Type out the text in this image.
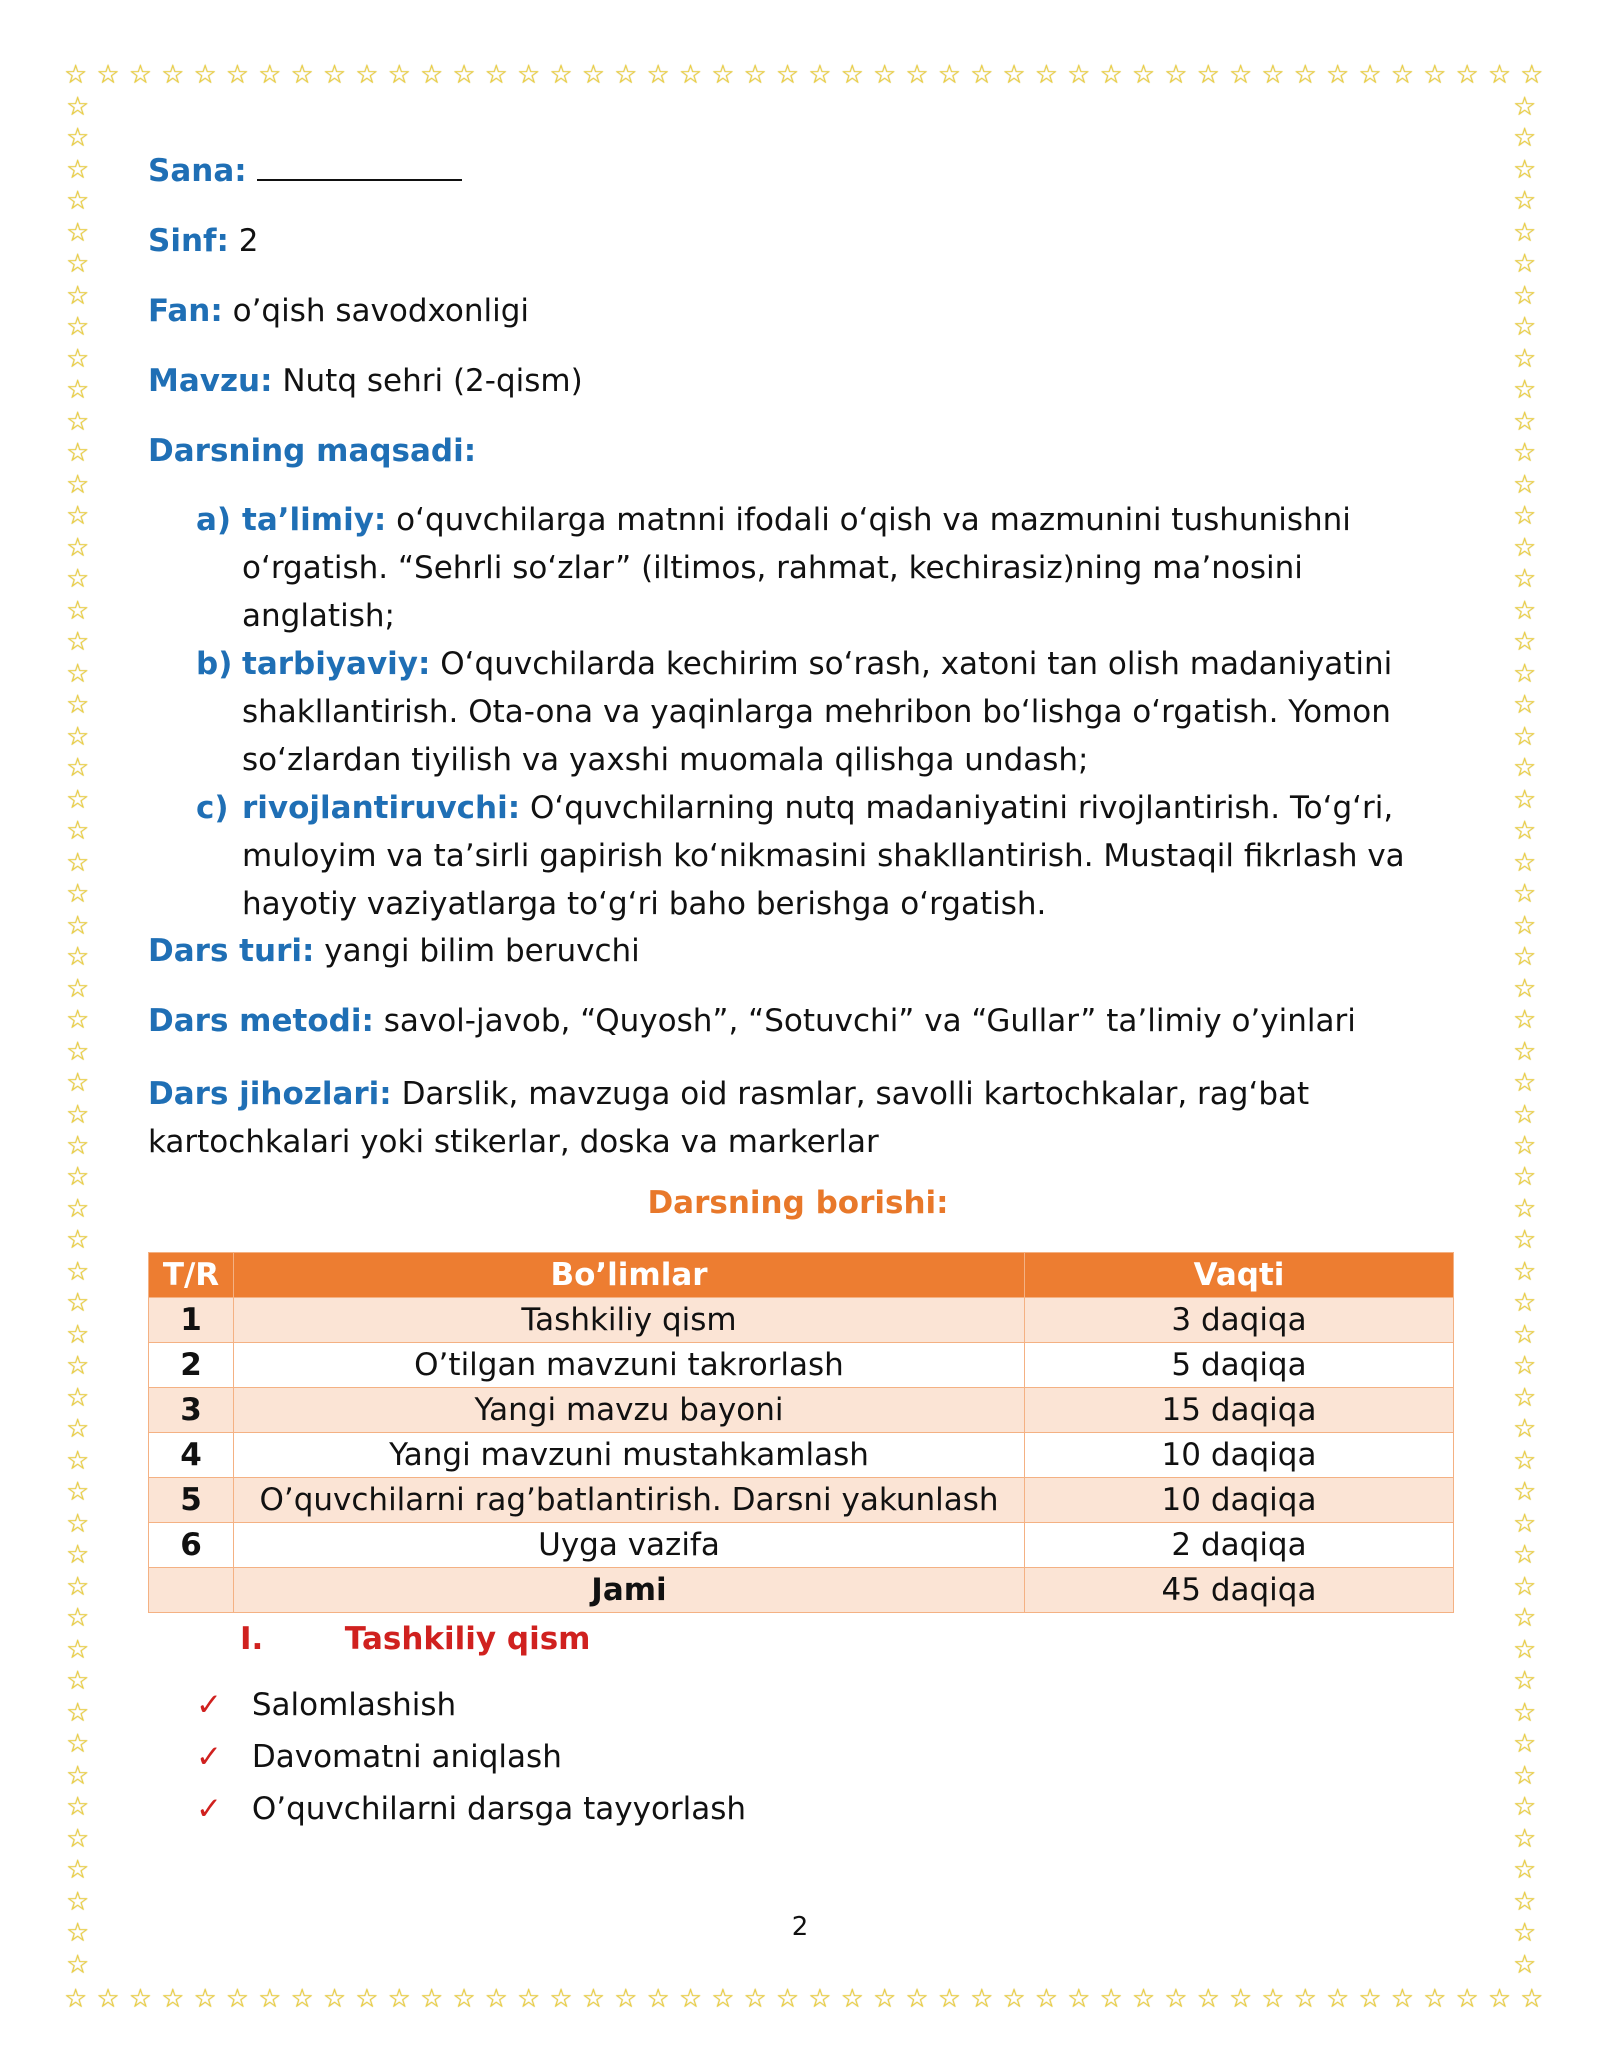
☆ ☆ ☆ ☆ ☆ ☆ ☆ ☆ ☆ ☆ ☆ ☆ ☆ ☆ ☆ ☆ ☆ ☆ ☆ ☆ ☆ ☆ ☆ ☆ ☆ ☆ ☆ ☆ ☆ ☆ ☆ ☆ ☆ ☆ ☆ ☆ ☆ ☆ ☆ ☆ ☆ ☆ ☆ ☆ ☆ ☆
☆ ☆ ☆ ☆ ☆ ☆ ☆ ☆ ☆ ☆ ☆ ☆ ☆ ☆ ☆ ☆ ☆ ☆ ☆ ☆ ☆ ☆ ☆ ☆ ☆ ☆ ☆ ☆ ☆ ☆ ☆ ☆ ☆ ☆ ☆ ☆ ☆ ☆ ☆ ☆ ☆ ☆ ☆ ☆ ☆ ☆
☆
☆
☆
☆
☆
☆
☆
☆
☆
☆
☆
☆
☆
☆
☆
☆
☆
☆
☆
☆
☆
☆
☆
☆
☆
☆
☆
☆
☆
☆
☆
☆
☆
☆
☆
☆
☆
☆
☆
☆
☆
☆
☆
☆
☆
☆
☆
☆
☆
☆
☆
☆
☆
☆
☆
☆
☆
☆
☆
☆
☆
☆
☆
☆
☆
☆
☆
☆
☆
☆
☆
☆
☆
☆
☆
☆
☆
☆
☆
☆
☆
☆
☆
☆
☆
☆
☆
☆
☆
☆
☆
☆
☆
☆
☆
☆
☆
☆
☆
☆
☆
☆
☆
☆
☆
☆
☆
☆
☆
☆
☆
☆
☆
☆
☆
☆
☆
☆
☆
☆

Sana:

Sinf: 2

Fan: o’qish savodxonligi

Mavzu: Nutq sehri (2-qism)

Darsning maqsadi:

a) ta’limiy: o‘quvchilarga matnni ifodali o‘qish va mazmunini tushunishni o‘rgatish. “Sehrli so‘zlar” (iltimos, rahmat, kechirasiz)ning ma’nosini anglatish;
b) tarbiyaviy: O‘quvchilarda kechirim so‘rash, xatoni tan olish madaniyatini shakllantirish. Ota-ona va yaqinlarga mehribon bo‘lishga o‘rgatish. Yomon so‘zlardan tiyilish va yaxshi muomala qilishga undash;
c) rivojlantiruvchi: O‘quvchilarning nutq madaniyatini rivojlantirish. To‘g‘ri, muloyim va ta’sirli gapirish ko‘nikmasini shakllantirish. Mustaqil fikrlash va hayotiy vaziyatlarga to‘g‘ri baho berishga o‘rgatish.

Dars turi: yangi bilim beruvchi

Dars metodi: savol-javob, “Quyosh”, “Sotuvchi” va “Gullar” ta’limiy o’yinlari

Dars jihozlari: Darslik, mavzuga oid rasmlar, savolli kartochkalar, rag‘bat kartochkalari yoki stikerlar, doska va markerlar

Darsning borishi:

T/R	Bo’limlar	Vaqti
1	Tashkiliy qism	3 daqiqa
2	O’tilgan mavzuni takrorlash	5 daqiqa
3	Yangi mavzu bayoni	15 daqiqa
4	Yangi mavzuni mustahkamlash	10 daqiqa
5	O’quvchilarni rag’batlantirish. Darsni yakunlash	10 daqiqa
6	Uyga vazifa	2 daqiqa
	Jami	45 daqiqa

I.	Tashkiliy qism

✓ Salomlashish
✓ Davomatni aniqlash
✓ O’quvchilarni darsga tayyorlash
2
